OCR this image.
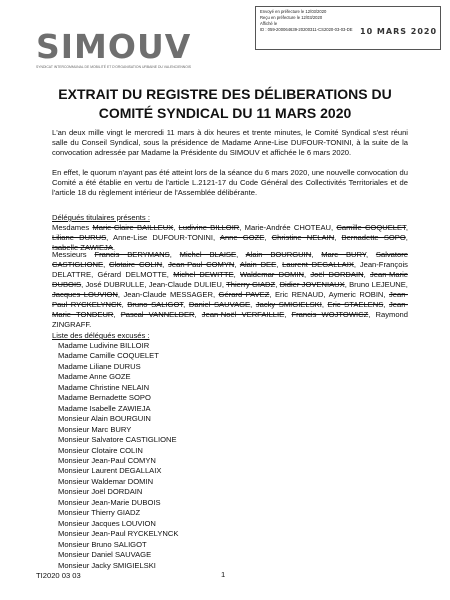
SIMOUV
SYNDICAT INTERCOMMUNAL DE MOBILITÉ ET D'ORGANISATION URBAINE DU VALENCIENNOIS
Envoyé en préfecture le 12/03/2020
Reçu en préfecture le 12/03/2020
Affiché le
ID : 059-200064639-20200311-CS2020-03-03-DE 10 MARS 2020
EXTRAIT DU REGISTRE DES DÉLIBERATIONS DU
COMITÉ SYNDICAL DU 11 MARS 2020
L'an deux mille vingt le mercredi 11 mars à dix heures et trente minutes, le Comité Syndical s'est réuni salle du Conseil Syndical, sous la présidence de Madame Anne-Lise DUFOUR-TONINI, à la suite de la convocation adressée par Madame la Présidente du SIMOUV et affichée le 6 mars 2020.
En effet, le quorum n'ayant pas été atteint lors de la séance du 6 mars 2020, une nouvelle convocation du Comité a été établie en vertu de l'article L.2121-17 du Code Général des Collectivités Territoriales et de l'article 18 du règlement intérieur de l'Assemblée délibérante.
Délégués titulaires présents :
Mesdames Marie-Claire BAILLEUX, Ludivine BILLOIR, Marie-Andrée CHOTEAU, Camille COQUELET, Liliane DURUS, Anne-Lise DUFOUR-TONINI, Anne GOZE, Christine NELAIN, Bernadette SOPO, Isabelle ZAWIEJA.
Messieurs Francis BERYMANS, Michel BLAISE, Alain BOURGUIN, Marc BURY, Salvatore CASTIGLIONE, Clotaire COLIN, Jean-Paul COMYN, Alain DEE, Laurent DEGALLAIX, Jean-François DELATTRE, Gérard DELMOTTE, Michel DEWITTE, Waldemar DOMIN, Joël DORDAIN, Jean-Marie DUBOIS, José DUBRULLE, Jean-Claude DULIEU, Thierry GIADZ, Didier JOVENIAUX, Bruno LEJEUNE, Jacques LOUVION, Jean-Claude MESSAGER, Gérard PAVEZ, Eric RENAUD, Aymeric ROBIN, Jean-Paul RYCKELYNCK, Bruno SALIGOT, Daniel SAUVAGE, Jacky SMIGIELSKI, Eric STAELENS, Jean-Marie TONDEUR, Pascal VANNELDER, Jean-Noël VERFAILLIE, Francis WOJTOWICZ, Raymond ZINGRAFF.
Liste des délégués excusés :
Madame Ludivine BILLOIR
Madame Camille COQUELET
Madame Liliane DURUS
Madame Anne GOZE
Madame Christine NELAIN
Madame Bernadette SOPO
Madame Isabelle ZAWIEJA
Monsieur Alain BOURGUIN
Monsieur Marc BURY
Monsieur Salvatore CASTIGLIONE
Monsieur Clotaire COLIN
Monsieur Jean-Paul COMYN
Monsieur Laurent DEGALLAIX
Monsieur Waldemar DOMIN
Monsieur Joël DORDAIN
Monsieur Jean-Marie DUBOIS
Monsieur Thierry GIADZ
Monsieur Jacques LOUVION
Monsieur Jean-Paul RYCKELYNCK
Monsieur Bruno SALIGOT
Monsieur Daniel SAUVAGE
Monsieur Jacky SMIGIELSKI
TI2020 03 03	1
